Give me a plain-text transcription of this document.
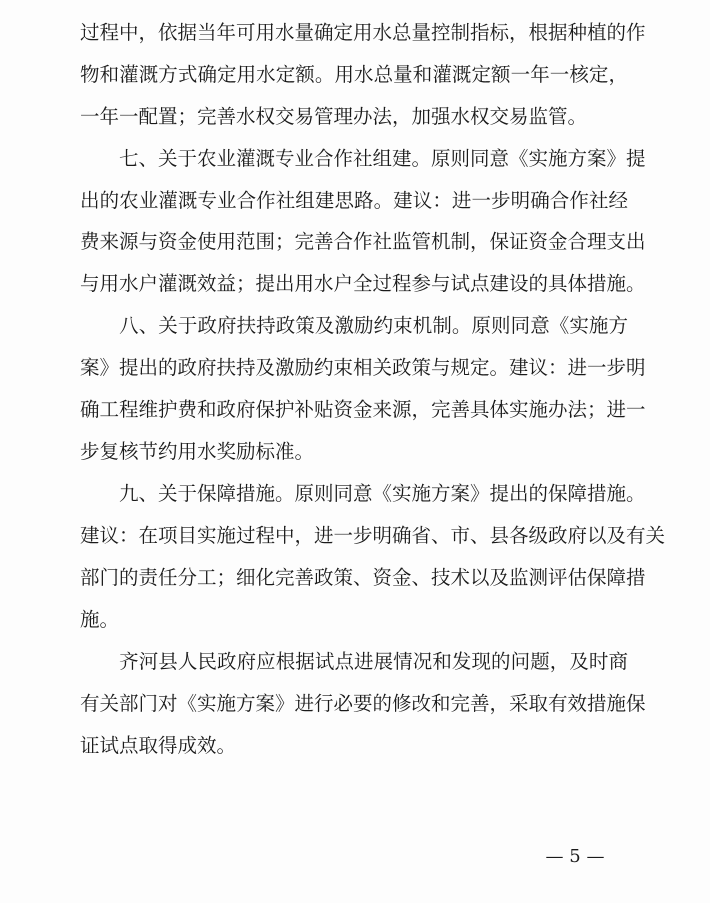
过程中，依据当年可用水量确定用水总量控制指标，根据种植的作
物和灌溉方式确定用水定额。用水总量和灌溉定额一年一核定，
一年一配置；完善水权交易管理办法，加强水权交易监管。
　　七、关于农业灌溉专业合作社组建。原则同意《实施方案》提
出的农业灌溉专业合作社组建思路。建议：进一步明确合作社经
费来源与资金使用范围；完善合作社监管机制，保证资金合理支出
与用水户灌溉效益；提出用水户全过程参与试点建设的具体措施。
　　八、关于政府扶持政策及激励约束机制。原则同意《实施方
案》提出的政府扶持及激励约束相关政策与规定。建议：进一步明
确工程维护费和政府保护补贴资金来源，完善具体实施办法；进一
步复核节约用水奖励标准。
　　九、关于保障措施。原则同意《实施方案》提出的保障措施。
建议：在项目实施过程中，进一步明确省、市、县各级政府以及有关
部门的责任分工；细化完善政策、资金、技术以及监测评估保障措
施。
　　齐河县人民政府应根据试点进展情况和发现的问题，及时商
有关部门对《实施方案》进行必要的修改和完善，采取有效措施保
证试点取得成效。
— 5 —
